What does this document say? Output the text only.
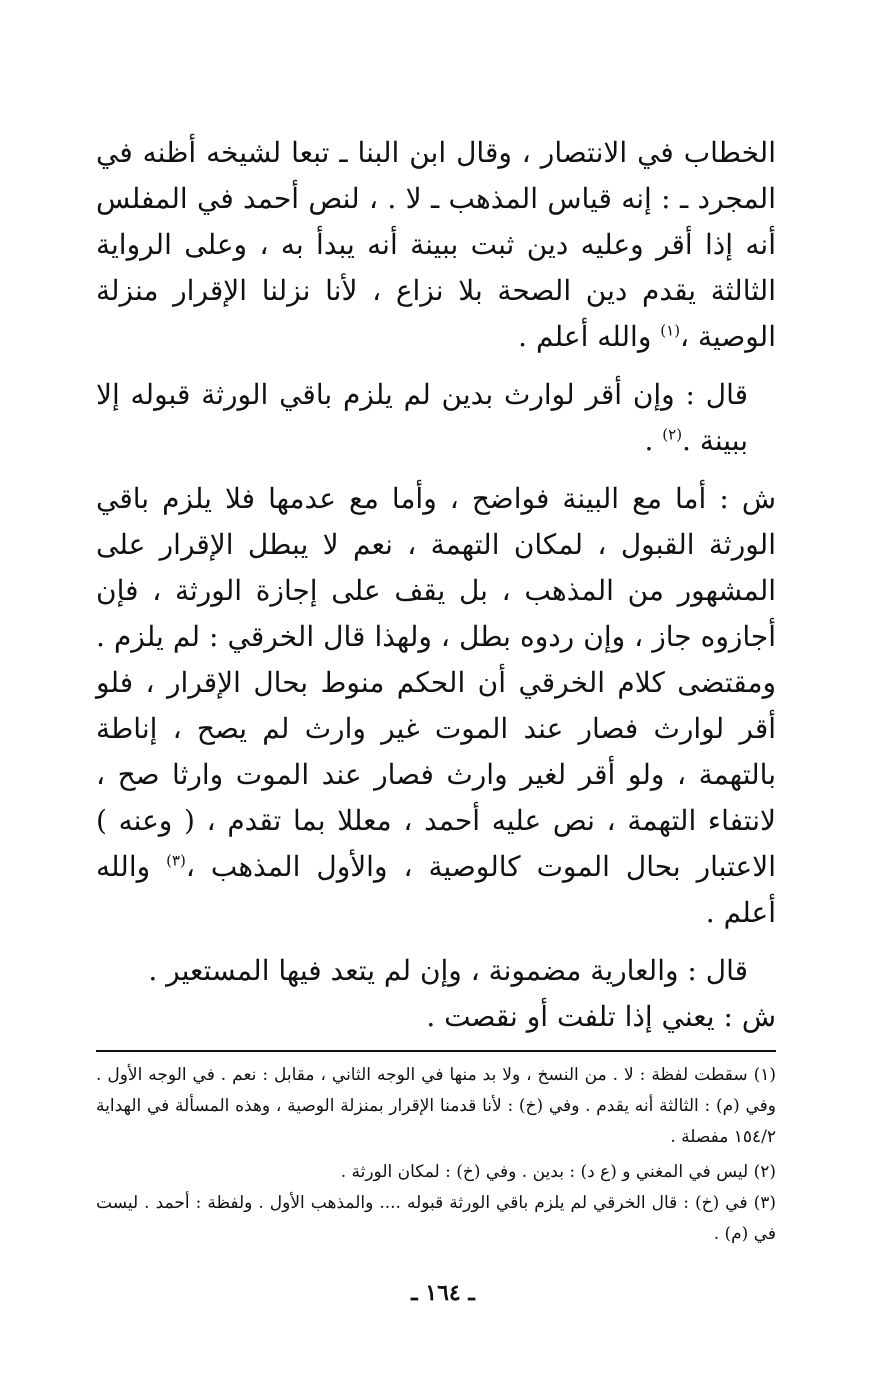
الخطاب في الانتصار ، وقال ابن البنا ـ تبعا لشيخه أظنه في المجرد ـ : إنه قياس المذهب ـ لا . ، لنص أحمد في المفلس أنه إذا أقر وعليه دين ثبت ببينة أنه يبدأ به ، وعلى الرواية الثالثة يقدم دين الصحة بلا نزاع ، لأنا نزلنا الإقرار منزلة الوصية ،$^{(١)}$ والله أعلم .

قال : وإن أقر لوارث بدين لم يلزم باقي الورثة قبوله إلا ببينة .$^{(٢)}$ .

ش : أما مع البينة فواضح ، وأما مع عدمها فلا يلزم باقي الورثة القبول ، لمكان التهمة ، نعم لا يبطل الإقرار على المشهور من المذهب ، بل يقف على إجازة الورثة ، فإن أجازوه جاز ، وإن ردوه بطل ، ولهذا قال الخرقي : لم يلزم . ومقتضى كلام الخرقي أن الحكم منوط بحال الإقرار ، فلو أقر لوارث فصار عند الموت غير وارث لم يصح ، إناطة بالتهمة ، ولو أقر لغير وارث فصار عند الموت وارثا صح ، لانتفاء التهمة ، نص عليه أحمد ، معللا بما تقدم ، ( وعنه ) الاعتبار بحال الموت كالوصية ، والأول المذهب ،$^{(٣)}$ والله أعلم .

قال : والعارية مضمونة ، وإن لم يتعد فيها المستعير .

ش : يعني إذا تلفت أو نقصت .

(١) سقطت لفظة : لا . من النسخ ، ولا بد منها في الوجه الثاني ، مقابل : نعم . في الوجه الأول . وفي (م) : الثالثة أنه يقدم . وفي (خ) : لأنا قدمنا الإقرار بمنزلة الوصية ، وهذه المسألة في الهداية ١٥٤/٢ مفصلة .

(٢) ليس في المغني و (ع د) : بدين . وفي (خ) : لمكان الورثة .

(٣) في (خ) : قال الخرقي لم يلزم باقي الورثة قبوله .... والمذهب الأول . ولفظة : أحمد . ليست في (م) .

ـ ١٦٤ ـ
